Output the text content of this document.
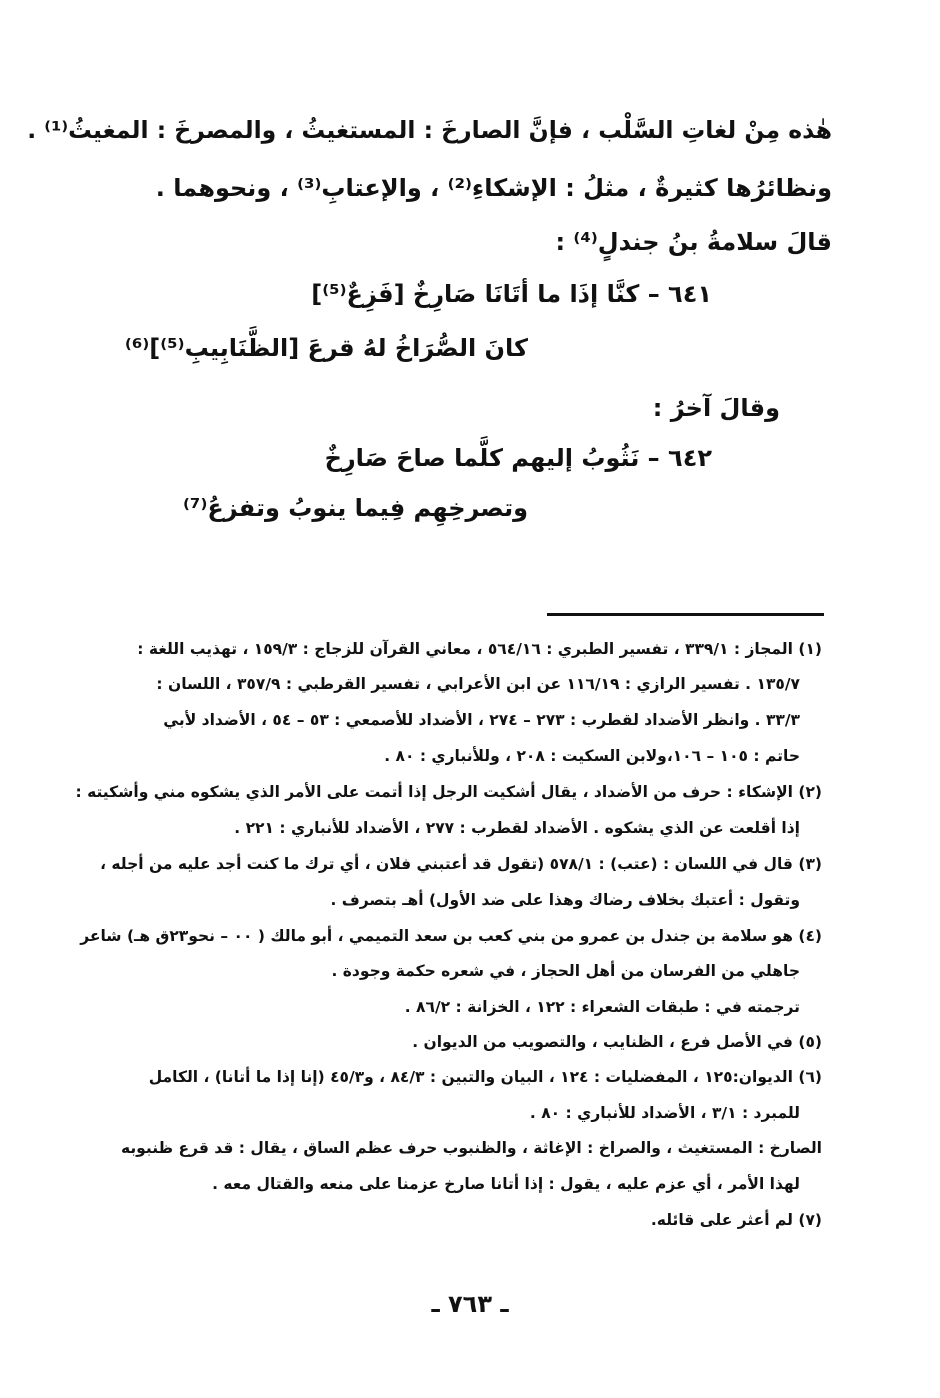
هٰذه مِنْ لغاتِ السَّلْب ، فإنَّ الصارخَ : المستغيثُ ، والمصرخَ : المغيثُ⁽¹⁾ .
ونظائرُها كثيرةٌ ، مثلُ : الإشكاءِ⁽²⁾ ، والإعتابِ⁽³⁾ ، ونحوهما .
قالَ سلامةُ بنُ جندلٍ⁽⁴⁾ :
٦٤١ – كنَّا إذَا ما أتَانَا صَارِخٌ [فَزِعٌ⁽⁵⁾]
كانَ الصُّرَاخُ لهُ قرعَ [الظَّنَابِيبِ⁽⁵⁾]⁽⁶⁾
وقالَ آخرُ :
٦٤٢ – نَثُوبُ إليهم كلَّما صاحَ صَارِخٌ
وتصرخِهِم فِيما ينوبُ وتفزعُ⁽⁷⁾
(١) المجاز : ٣٣٩/١ ، تفسير الطبري : ٥٦٤/١٦ ، معاني القرآن للزجاج : ١٥٩/٣ ، تهذيب اللغة :
١٣٥/٧ . تفسير الرازي : ١١٦/١٩ عن ابن الأعرابي ، تفسير القرطبي : ٣٥٧/٩ ، اللسان :
٣٣/٣ . وانظر الأضداد لقطرب : ٢٧٣ – ٢٧٤ ، الأضداد للأصمعي : ٥٣ – ٥٤ ، الأضداد لأبي
حاتم : ١٠٥ – ١٠٦،ولابن السكيت : ٢٠٨ ، وللأنباري : ٨٠ .
(٢) الإشكاء : حرف من الأضداد ، يقال أشكيت الرجل إذا أتمت على الأمر الذي يشكوه مني وأشكيته :
إذا أقلعت عن الذي يشكوه . الأضداد لقطرب : ٢٧٧ ، الأضداد للأنباري : ٢٢١ .
(٣) قال في اللسان : (عتب) : ٥٧٨/١ (تقول قد أعتبني فلان ، أي ترك ما كنت أجد عليه من أجله ،
وتقول : أعتبك بخلاف رضاك وهذا على ضد الأول) أهـ بتصرف .
(٤) هو سلامة بن جندل بن عمرو من بني كعب بن سعد التميمي ، أبو مالك ( ٠٠ – نحو٢٣ق هـ) شاعر
جاهلي من الفرسان من أهل الحجاز ، في شعره حكمة وجودة .
ترجمته في : طبقات الشعراء : ١٢٢ ، الخزانة : ٨٦/٢ .
(٥) في الأصل فرع ، الظنايب ، والتصويب من الديوان .
(٦) الديوان:١٢٥ ، المفضليات : ١٢٤ ، البيان والتبين : ٨٤/٣ ، و٤٥/٣ (إنا إذا ما أتانا) ، الكامل
للمبرد : ٣/١ ، الأضداد للأنباري : ٨٠ .
الصارخ : المستغيث ، والصراخ : الإغاثة ، والظنبوب حرف عظم الساق ، يقال : قد قرع ظنبوبه
لهذا الأمر ، أي عزم عليه ، يقول : إذا أتانا صارخ عزمنا على منعه والقتال معه .
(٧) لم أعثر على قائله.
ـ ٧٦٣ ـ
